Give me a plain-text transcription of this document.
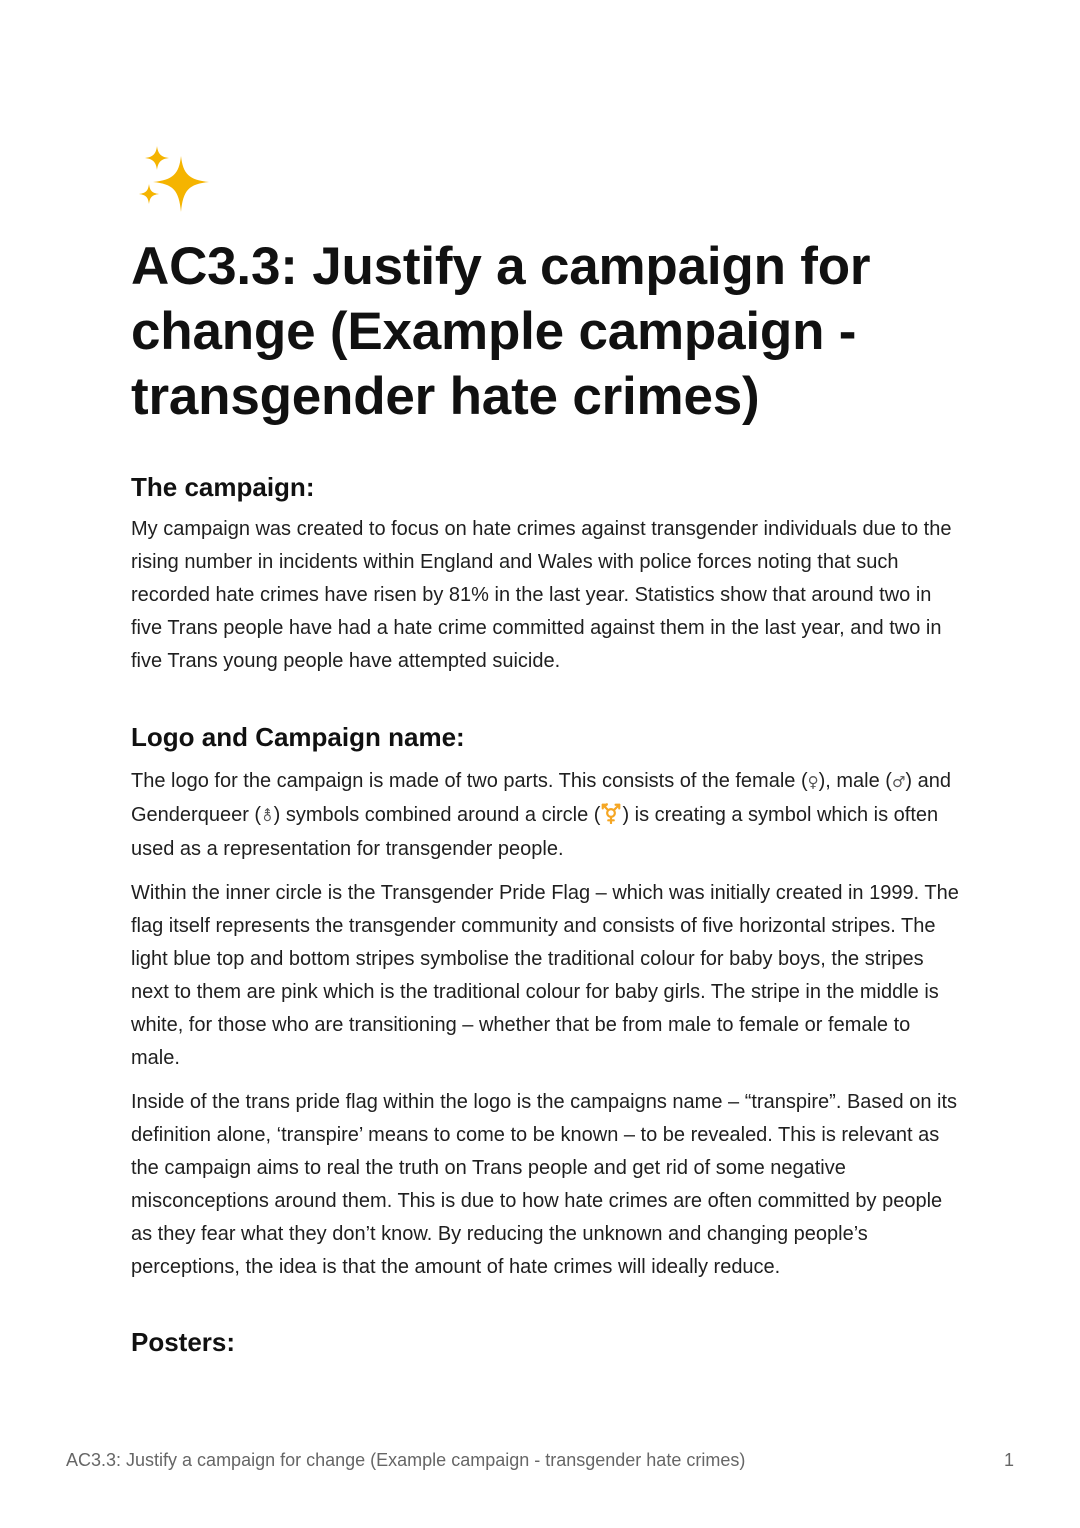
AC3.3: Justify a campaign for change (Example campaign - transgender hate crimes)
The campaign:

My campaign was created to focus on hate crimes against transgender individuals due to the rising number in incidents within England and Wales with police forces noting that such recorded hate crimes have risen by 81% in the last year. Statistics show that around two in five Trans people have had a hate crime committed against them in the last year, and two in five Trans young people have attempted suicide.

Logo and Campaign name:

The logo for the campaign is made of two parts. This consists of the female (♀), male (♂) and Genderqueer (⚨) symbols combined around a circle ( ) is creating a symbol which is often used as a representation for transgender people.

Within the inner circle is the Transgender Pride Flag – which was initially created in 1999. The flag itself represents the transgender community and consists of five horizontal stripes. The light blue top and bottom stripes symbolise the traditional colour for baby boys, the stripes next to them are pink which is the traditional colour for baby girls. The stripe in the middle is white, for those who are transitioning – whether that be from male to female or female to male.

Inside of the trans pride flag within the logo is the campaigns name – “transpire”. Based on its definition alone, ‘transpire’ means to come to be known – to be revealed. This is relevant as the campaign aims to real the truth on Trans people and get rid of some negative misconceptions around them. This is due to how hate crimes are often committed by people as they fear what they don’t know. By reducing the unknown and changing people’s perceptions, the idea is that the amount of hate crimes will ideally reduce.

Posters:
AC3.3: Justify a campaign for change (Example campaign - transgender hate crimes)	1
